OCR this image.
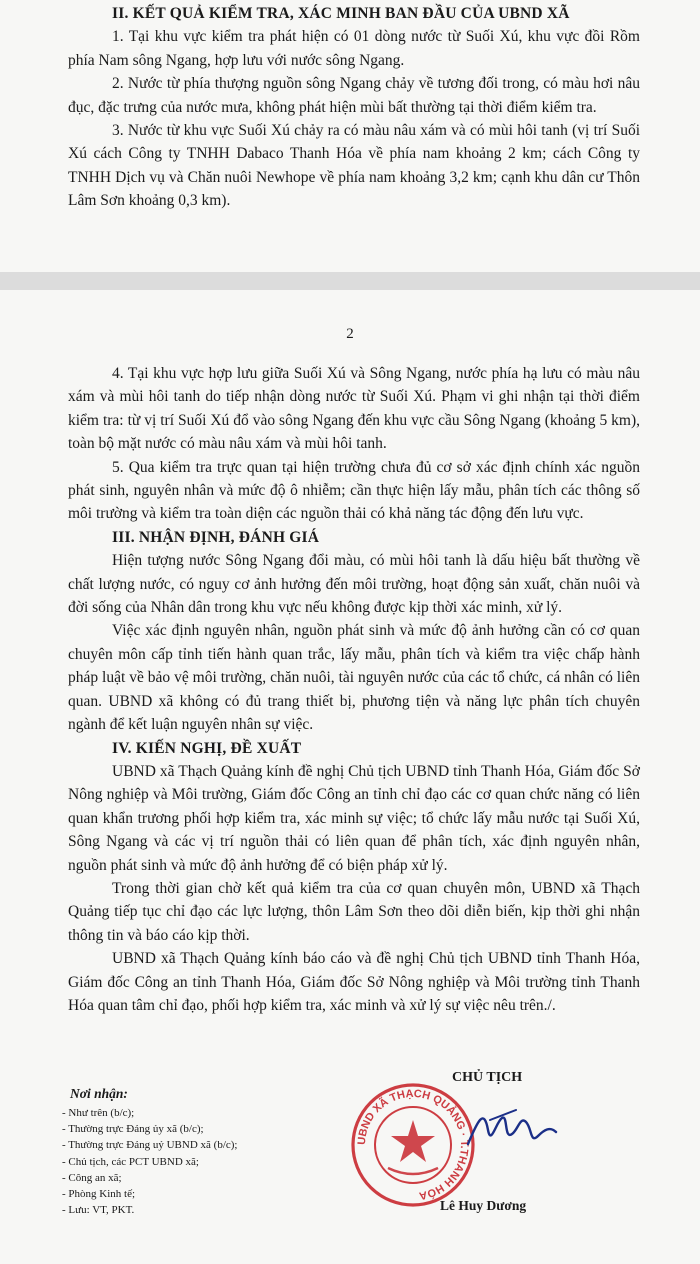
II. KẾT QUẢ KIỂM TRA, XÁC MINH BAN ĐẦU CỦA UBND XÃ

1. Tại khu vực kiểm tra phát hiện có 01 dòng nước từ Suối Xú, khu vực đồi Rồm phía Nam sông Ngang, hợp lưu với nước sông Ngang.

2. Nước từ phía thượng nguồn sông Ngang chảy về tương đối trong, có màu hơi nâu đục, đặc trưng của nước mưa, không phát hiện mùi bất thường tại thời điểm kiểm tra.

3. Nước từ khu vực Suối Xú chảy ra có màu nâu xám và có mùi hôi tanh (vị trí Suối Xú cách Công ty TNHH Dabaco Thanh Hóa về phía nam khoảng 2 km; cách Công ty TNHH Dịch vụ và Chăn nuôi Newhope về phía nam khoảng 3,2 km; cạnh khu dân cư Thôn Lâm Sơn khoảng 0,3 km).

2

4. Tại khu vực hợp lưu giữa Suối Xú và Sông Ngang, nước phía hạ lưu có màu nâu xám và mùi hôi tanh do tiếp nhận dòng nước từ Suối Xú. Phạm vi ghi nhận tại thời điểm kiểm tra: từ vị trí Suối Xú đổ vào sông Ngang đến khu vực cầu Sông Ngang (khoảng 5 km), toàn bộ mặt nước có màu nâu xám và mùi hôi tanh.

5. Qua kiểm tra trực quan tại hiện trường chưa đủ cơ sở xác định chính xác nguồn phát sinh, nguyên nhân và mức độ ô nhiễm; cần thực hiện lấy mẫu, phân tích các thông số môi trường và kiểm tra toàn diện các nguồn thải có khả năng tác động đến lưu vực.

III. NHẬN ĐỊNH, ĐÁNH GIÁ

Hiện tượng nước Sông Ngang đổi màu, có mùi hôi tanh là dấu hiệu bất thường về chất lượng nước, có nguy cơ ảnh hưởng đến môi trường, hoạt động sản xuất, chăn nuôi và đời sống của Nhân dân trong khu vực nếu không được kịp thời xác minh, xử lý.

Việc xác định nguyên nhân, nguồn phát sinh và mức độ ảnh hưởng cần có cơ quan chuyên môn cấp tỉnh tiến hành quan trắc, lấy mẫu, phân tích và kiểm tra việc chấp hành pháp luật về bảo vệ môi trường, chăn nuôi, tài nguyên nước của các tổ chức, cá nhân có liên quan. UBND xã không có đủ trang thiết bị, phương tiện và năng lực phân tích chuyên ngành để kết luận nguyên nhân sự việc.

IV. KIẾN NGHỊ, ĐỀ XUẤT

UBND xã Thạch Quảng kính đề nghị Chủ tịch UBND tỉnh Thanh Hóa, Giám đốc Sở Nông nghiệp và Môi trường, Giám đốc Công an tỉnh chỉ đạo các cơ quan chức năng có liên quan khẩn trương phối hợp kiểm tra, xác minh sự việc; tổ chức lấy mẫu nước tại Suối Xú, Sông Ngang và các vị trí nguồn thải có liên quan để phân tích, xác định nguyên nhân, nguồn phát sinh và mức độ ảnh hưởng để có biện pháp xử lý.

Trong thời gian chờ kết quả kiểm tra của cơ quan chuyên môn, UBND xã Thạch Quảng tiếp tục chỉ đạo các lực lượng, thôn Lâm Sơn theo dõi diễn biến, kịp thời ghi nhận thông tin và báo cáo kịp thời.

UBND xã Thạch Quảng kính báo cáo và đề nghị Chủ tịch UBND tỉnh Thanh Hóa, Giám đốc Công an tỉnh Thanh Hóa, Giám đốc Sở Nông nghiệp và Môi trường tỉnh Thanh Hóa quan tâm chỉ đạo, phối hợp kiểm tra, xác minh và xử lý sự việc nêu trên./.

Nơi nhận:

- Như trên (b/c);

- Thường trực Đảng ủy xã (b/c);

- Thường trực Đảng uỷ UBND xã (b/c);

- Chủ tịch, các PCT UBND xã;

- Công an xã;

- Phòng Kinh tế;

- Lưu: VT, PKT.

CHỦ TỊCH
UBND XÃ THẠCH QUẢNG · T.THANH HÓA
Lê Huy Dương
